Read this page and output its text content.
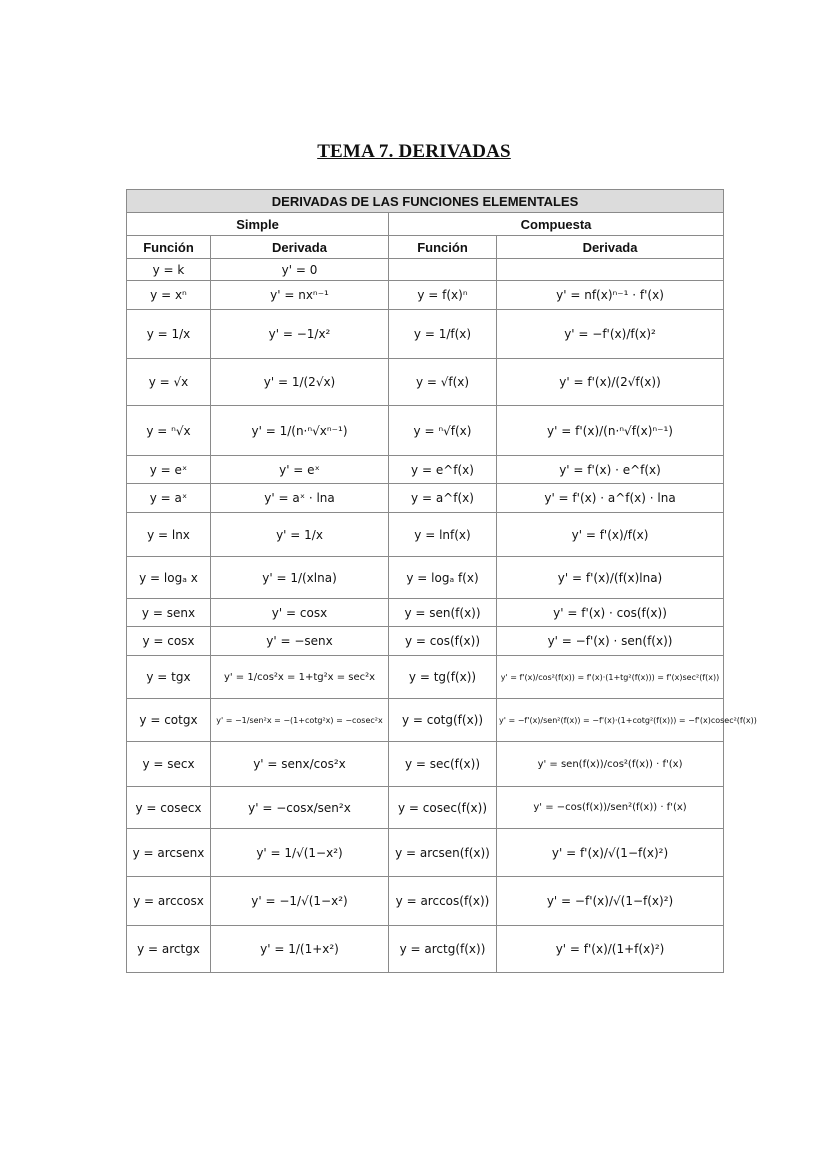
TEMA 7. DERIVADAS
DERIVADAS DE LAS FUNCIONES ELEMENTALES			
Simple		Compuesta	
Función	Derivada	Función	Derivada
y = k	y' = 0		
y = xⁿ	y' = nxⁿ⁻¹	y = f(x)ⁿ	y' = nf(x)ⁿ⁻¹ · f'(x)
y = 1/x	y' = −1/x²	y = 1/f(x)	y' = −f'(x)/f(x)²
y = √x	y' = 1/(2√x)	y = √f(x)	y' = f'(x)/(2√f(x))
y = ⁿ√x	y' = 1/(n·ⁿ√xⁿ⁻¹)	y = ⁿ√f(x)	y' = f'(x)/(n·ⁿ√f(x)ⁿ⁻¹)
y = eˣ	y' = eˣ	y = e^f(x)	y' = f'(x) · e^f(x)
y = aˣ	y' = aˣ · lna	y = a^f(x)	y' = f'(x) · a^f(x) · lna
y = lnx	y' = 1/x	y = lnf(x)	y' = f'(x)/f(x)
y = logₐ x	y' = 1/(xlna)	y = logₐ f(x)	y' = f'(x)/(f(x)lna)
y = senx	y' = cosx	y = sen(f(x))	y' = f'(x) · cos(f(x))
y = cosx	y' = −senx	y = cos(f(x))	y' = −f'(x) · sen(f(x))
y = tgx	y' = 1/cos²x = 1+tg²x = sec²x	y = tg(f(x))	y' = f'(x)/cos²(f(x)) = f'(x)·(1+tg²(f(x))) = f'(x)sec²(f(x))
y = cotgx	y' = −1/sen²x = −(1+cotg²x) = −cosec²x	y = cotg(f(x))	y' = −f'(x)/sen²(f(x)) = −f'(x)·(1+cotg²(f(x))) = −f'(x)cosec²(f(x))
y = secx	y' = senx/cos²x	y = sec(f(x))	y' = sen(f(x))/cos²(f(x)) · f'(x)
y = cosecx	y' = −cosx/sen²x	y = cosec(f(x))	y' = −cos(f(x))/sen²(f(x)) · f'(x)
y = arcsenx	y' = 1/√(1−x²)	y = arcsen(f(x))	y' = f'(x)/√(1−f(x)²)
y = arccosx	y' = −1/√(1−x²)	y = arccos(f(x))	y' = −f'(x)/√(1−f(x)²)
y = arctgx	y' = 1/(1+x²)	y = arctg(f(x))	y' = f'(x)/(1+f(x)²)
